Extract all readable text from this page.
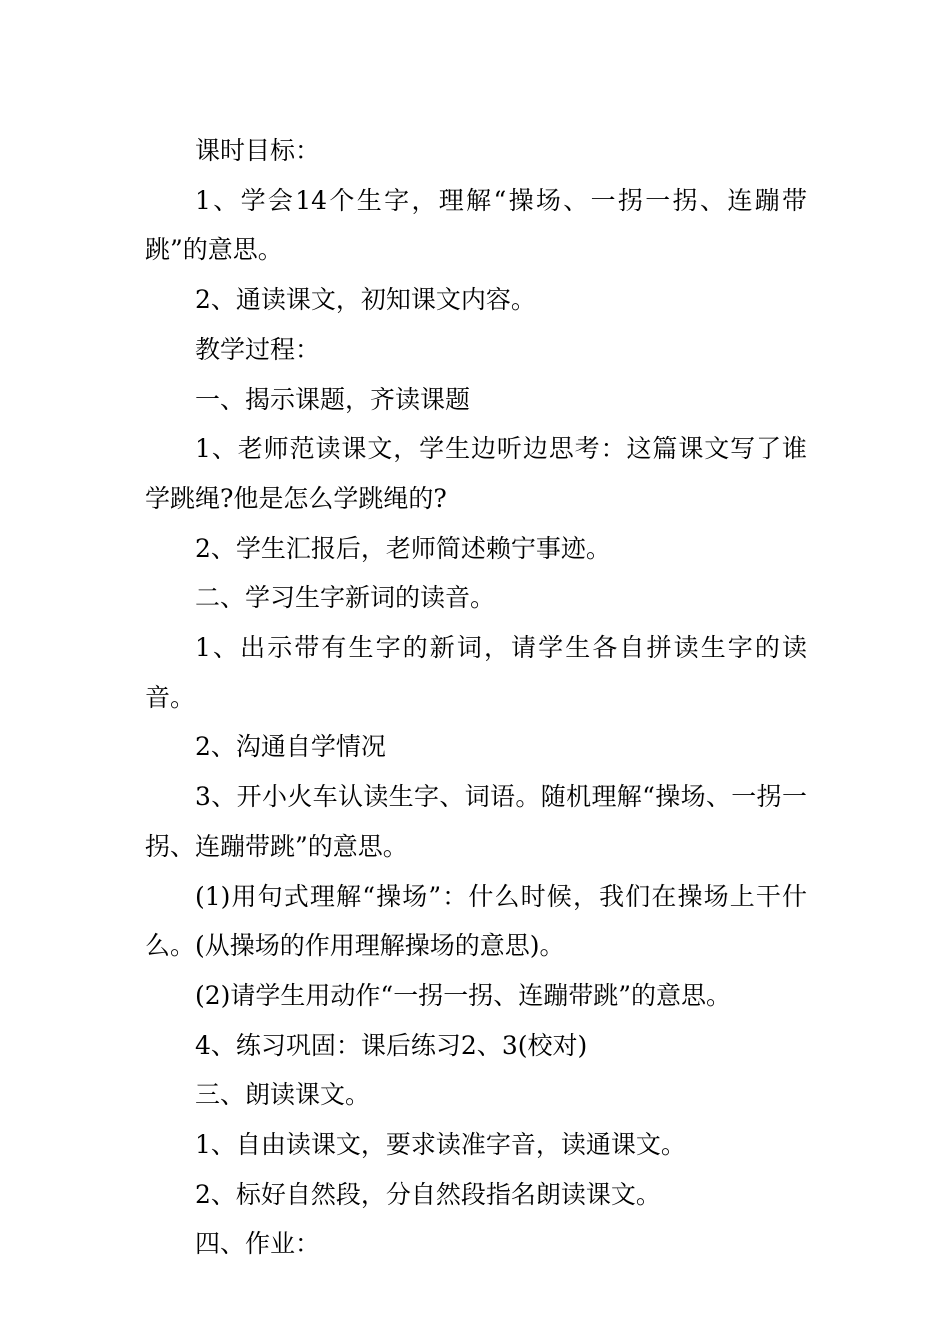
课时目标：

1、学会14个生字，理解“操场、一拐一拐、连蹦带跳”的意思。

2、通读课文，初知课文内容。

教学过程：

一、揭示课题，齐读课题

1、老师范读课文，学生边听边思考：这篇课文写了谁学跳绳?他是怎么学跳绳的?

2、学生汇报后，老师简述赖宁事迹。

二、学习生字新词的读音。

1、出示带有生字的新词，请学生各自拼读生字的读音。

2、沟通自学情况

3、开小火车认读生字、词语。随机理解“操场、一拐一拐、连蹦带跳”的意思。

(1)用句式理解“操场”：什么时候，我们在操场上干什么。(从操场的作用理解操场的意思)。

(2)请学生用动作“一拐一拐、连蹦带跳”的意思。

4、练习巩固：课后练习2、3(校对)

三、朗读课文。

1、自由读课文，要求读准字音，读通课文。

2、标好自然段，分自然段指名朗读课文。

四、作业：
